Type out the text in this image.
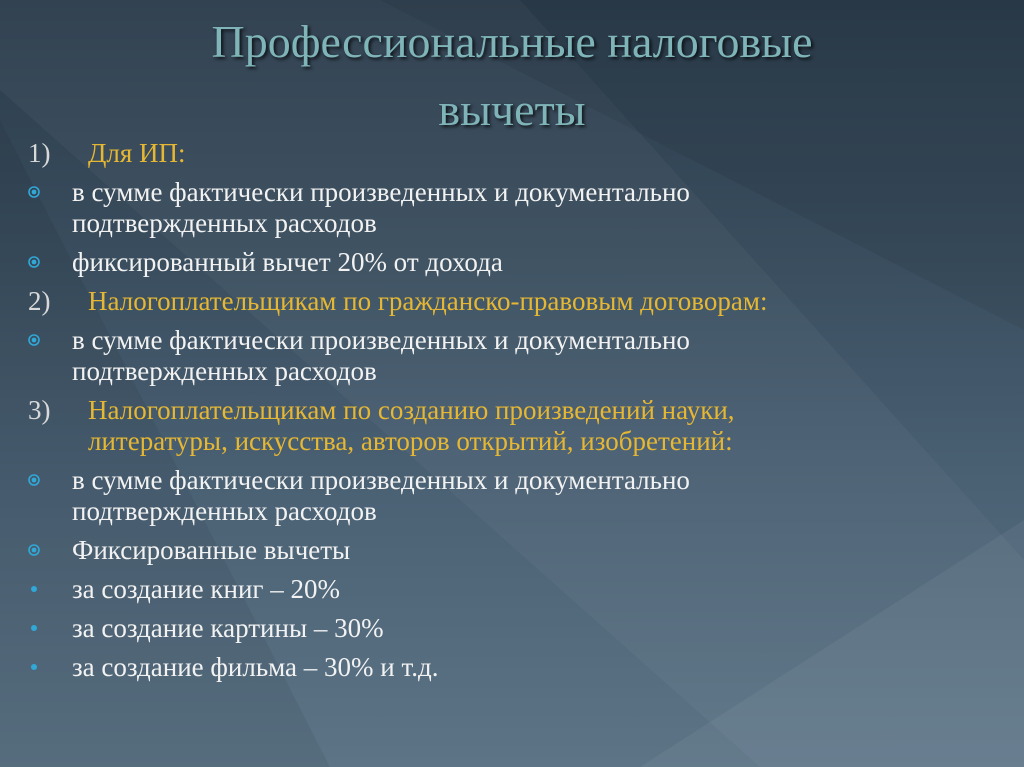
Профессиональные налоговые
вычеты
1) Для ИП:
в сумме фактически произведенных и документально
подтвержденных расходов
фиксированный вычет 20% от дохода
2) Налогоплательщикам по гражданско-правовым договорам:
в сумме фактически произведенных и документально
подтвержденных расходов
3) Налогоплательщикам по созданию произведений науки,
литературы, искусства, авторов открытий, изобретений:
в сумме фактически произведенных и документально
подтвержденных расходов
Фиксированные вычеты
за создание книг – 20%
за создание картины – 30%
за создание фильма – 30% и т.д.
